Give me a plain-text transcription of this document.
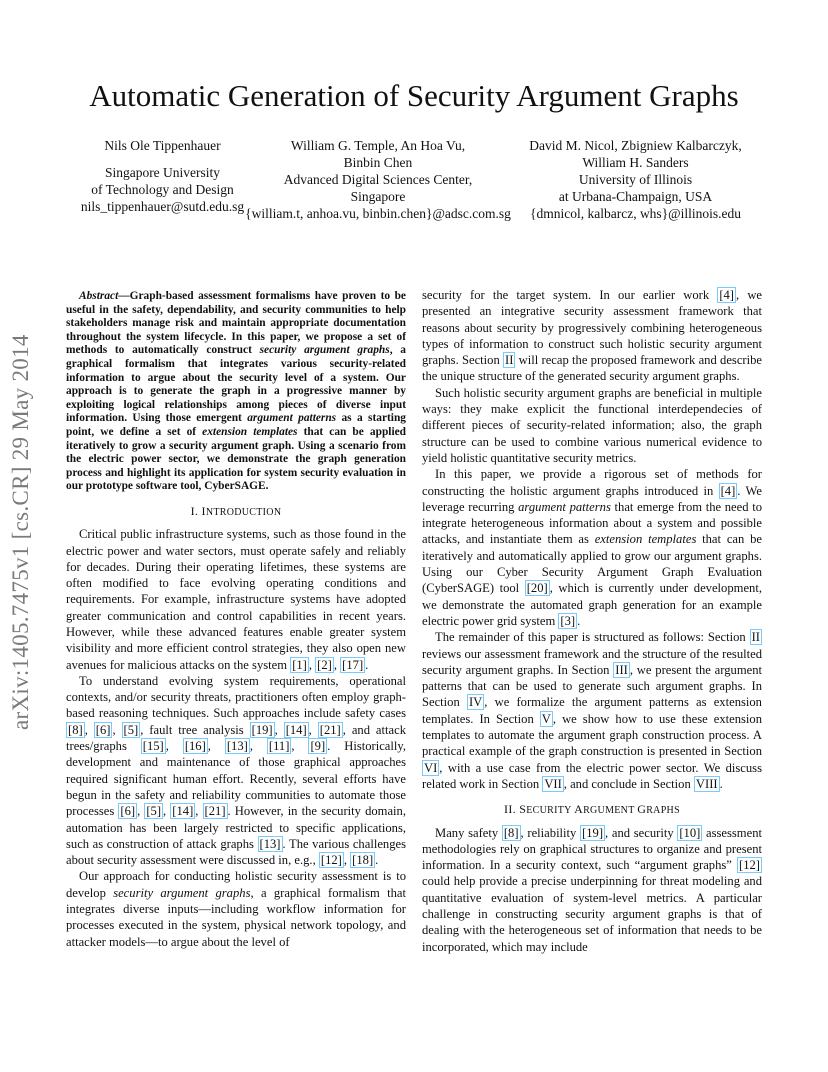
Automatic Generation of Security Argument Graphs
Nils Ole Tippenhauer
Singapore University
of Technology and Design
nils_tippenhauer@sutd.edu.sg
William G. Temple, An Hoa Vu,
Binbin Chen
Advanced Digital Sciences Center,
Singapore
{william.t, anhoa.vu, binbin.chen}@adsc.com.sg
David M. Nicol, Zbigniew Kalbarczyk,
William H. Sanders
University of Illinois
at Urbana-Champaign, USA
{dmnicol, kalbarcz, whs}@illinois.edu
arXiv:1405.7475v1 [cs.CR] 29 May 2014

Abstract—Graph-based assessment formalisms have proven to be useful in the safety, dependability, and security communities to help stakeholders manage risk and maintain appropriate documentation throughout the system lifecycle. In this paper, we propose a set of methods to automatically construct security argument graphs, a graphical formalism that integrates various security-related information to argue about the security level of a system. Our approach is to generate the graph in a progressive manner by exploiting logical relationships among pieces of diverse input information. Using those emergent argument patterns as a starting point, we define a set of extension templates that can be applied iteratively to grow a security argument graph. Using a scenario from the electric power sector, we demonstrate the graph generation process and highlight its application for system security evaluation in our prototype software tool, CyberSAGE.

I. INTRODUCTION

Critical public infrastructure systems, such as those found in the electric power and water sectors, must operate safely and reliably for decades. During their operating lifetimes, these systems are often modified to face evolving operating conditions and requirements. For example, infrastructure systems have adopted greater communication and control capabilities in recent years. However, while these advanced features enable greater system visibility and more efficient control strategies, they also open new avenues for malicious attacks on the system [1] , [2] , [17] .

To understand evolving system requirements, operational contexts, and/or security threats, practitioners often employ graph-based reasoning techniques. Such approaches include safety cases [8] , [6] , [5] , fault tree analysis [19] , [14] , [21] , and attack trees/graphs [15] , [16] , [13] , [11] , [9] . Historically, development and maintenance of those graphical approaches required significant human effort. Recently, several efforts have begun in the safety and reliability communities to automate those processes [6] , [5] , [14] , [21] . However, in the security domain, automation has been largely restricted to specific applications, such as construction of attack graphs [13] . The various challenges about security assessment were discussed in, e.g., [12] , [18] .

Our approach for conducting holistic security assessment is to develop security argument graphs, a graphical formalism that integrates diverse inputs—including workflow information for processes executed in the system, physical network topology, and attacker models—to argue about the level of

security for the target system. In our earlier work [4] , we presented an integrative security assessment framework that reasons about security by progressively combining heterogeneous types of information to construct such holistic security argument graphs. Section II will recap the proposed framework and describe the unique structure of the generated security argument graphs.

Such holistic security argument graphs are beneficial in multiple ways: they make explicit the functional interdependecies of different pieces of security-related information; also, the graph structure can be used to combine various numerical evidence to yield holistic quantitative security metrics.

In this paper, we provide a rigorous set of methods for constructing the holistic argument graphs introduced in [4] . We leverage recurring argument patterns that emerge from the need to integrate heterogeneous information about a system and possible attacks, and instantiate them as extension templates that can be iteratively and automatically applied to grow our argument graphs. Using our Cyber Security Argument Graph Evaluation (CyberSAGE) tool [20] , which is currently under development, we demonstrate the automated graph generation for an example electric power grid system [3] .

The remainder of this paper is structured as follows: Section II reviews our assessment framework and the structure of the resulted security argument graphs. In Section III , we present the argument patterns that can be used to generate such argument graphs. In Section IV , we formalize the argument patterns as extension templates. In Section V , we show how to use these extension templates to automate the argument graph construction process. A practical example of the graph construction is presented in Section VI , with a use case from the electric power sector. We discuss related work in Section VII , and conclude in Section VIII .

II. SECURITY ARGUMENT GRAPHS

Many safety [8] , reliability [19] , and security [10] assessment methodologies rely on graphical structures to organize and present information. In a security context, such “argument graphs” [12] could help provide a precise underpinning for threat modeling and quantitative evaluation of system-level metrics. A particular challenge in constructing security argument graphs is that of dealing with the heterogeneous set of information that needs to be incorporated, which may include
